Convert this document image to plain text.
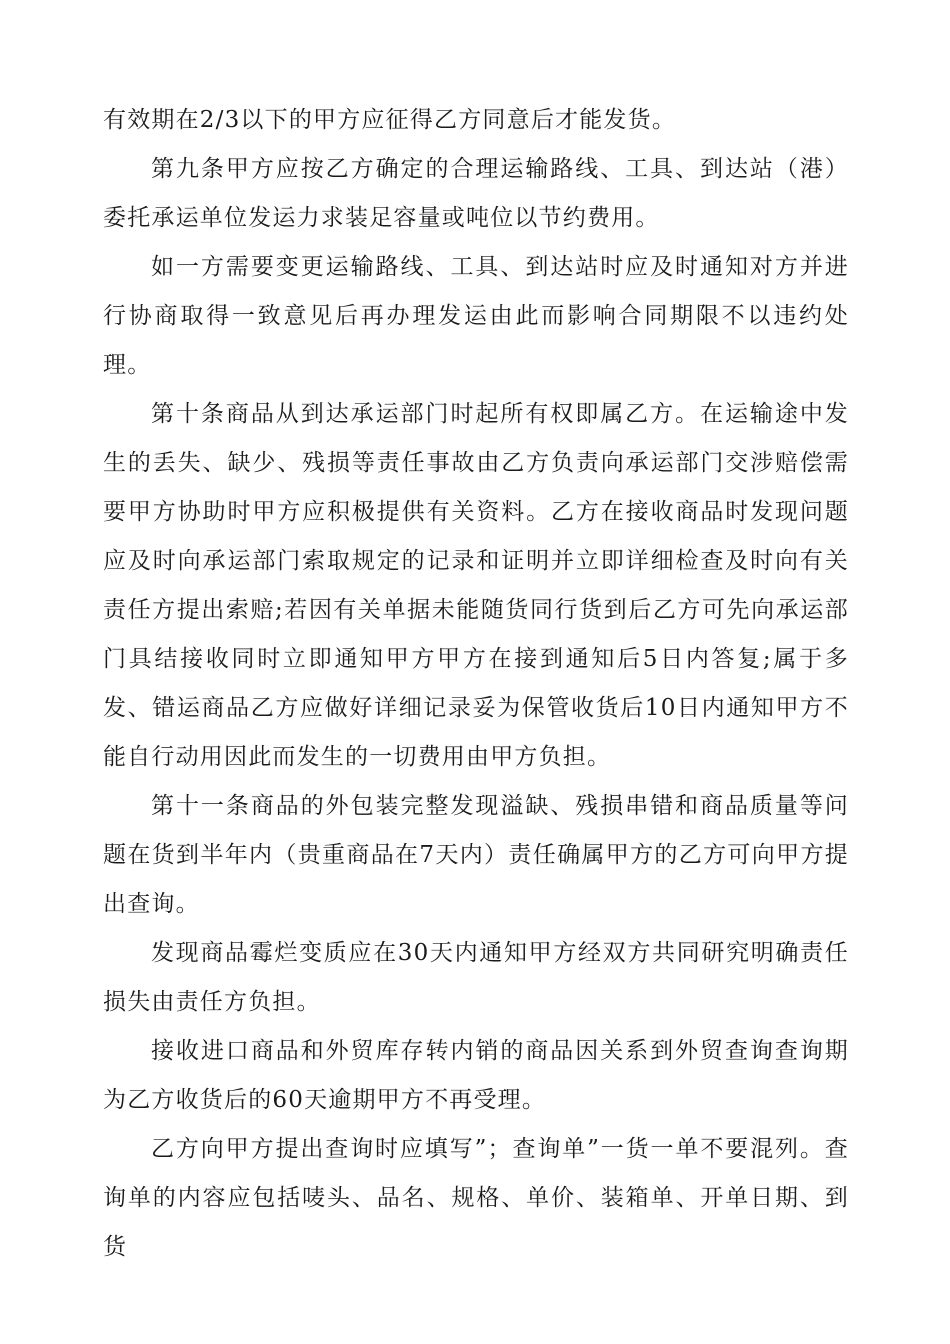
有效期在2/3以下的甲方应征得乙方同意后才能发货。

第九条甲方应按乙方确定的合理运输路线、工具、到达站（港）委托承运单位发运力求装足容量或吨位以节约费用。

如一方需要变更运输路线、工具、到达站时应及时通知对方并进行协商取得一致意见后再办理发运由此而影响合同期限不以违约处理。

第十条商品从到达承运部门时起所有权即属乙方。在运输途中发生的丢失、缺少、残损等责任事故由乙方负责向承运部门交涉赔偿需要甲方协助时甲方应积极提供有关资料。乙方在接收商品时发现问题应及时向承运部门索取规定的记录和证明并立即详细检查及时向有关责任方提出索赔;若因有关单据未能随货同行货到后乙方可先向承运部门具结接收同时立即通知甲方甲方在接到通知后5日内答复;属于多发、错运商品乙方应做好详细记录妥为保管收货后10日内通知甲方不能自行动用因此而发生的一切费用由甲方负担。

第十一条商品的外包装完整发现溢缺、残损串错和商品质量等问题在货到半年内（贵重商品在7天内）责任确属甲方的乙方可向甲方提出查询。

发现商品霉烂变质应在30天内通知甲方经双方共同研究明确责任损失由责任方负担。

接收进口商品和外贸库存转内销的商品因关系到外贸查询查询期为乙方收货后的60天逾期甲方不再受理。

乙方向甲方提出查询时应填写”；查询单”一货一单不要混列。查询单的内容应包括唛头、品名、规格、单价、装箱单、开单日期、到货
